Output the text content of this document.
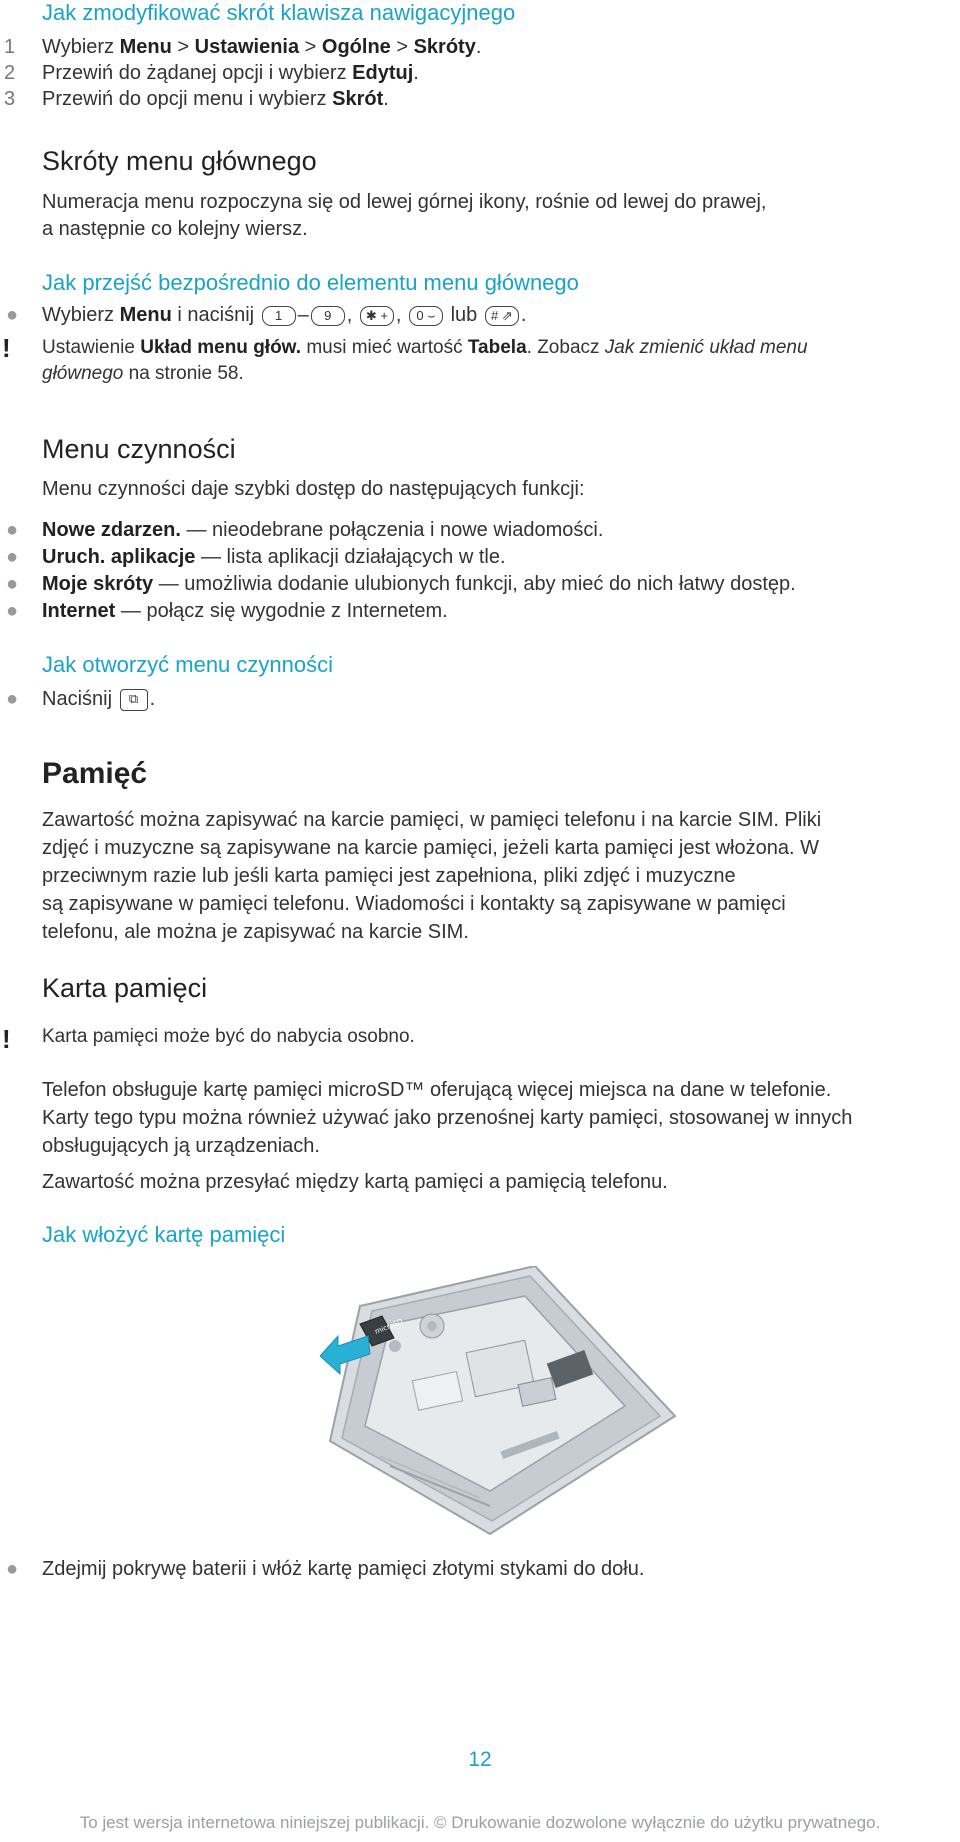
Jak zmodyfikować skrót klawisza nawigacyjnego
1 Wybierz Menu > Ustawienia > Ogólne > Skróty.
2 Przewiń do żądanej opcji i wybierz Edytuj.
3 Przewiń do opcji menu i wybierz Skrót.
Skróty menu głównego
Numeracja menu rozpoczyna się od lewej górnej ikony, rośnie od lewej do prawej,
a następnie co kolejny wiersz.
Jak przejść bezpośrednio do elementu menu głównego
● Wybierz Menu i naciśnij 1 – 9 , ✱ + , 0 ⌣ lub # ⇗ .
! Ustawienie Układ menu głów. musi mieć wartość Tabela. Zobacz Jak zmienić układ menu
głównego na stronie 58.
Menu czynności
Menu czynności daje szybki dostęp do następujących funkcji:
● Nowe zdarzen. — nieodebrane połączenia i nowe wiadomości.
● Uruch. aplikacje — lista aplikacji działających w tle.
● Moje skróty — umożliwia dodanie ulubionych funkcji, aby mieć do nich łatwy dostęp.
● Internet — połącz się wygodnie z Internetem.
Jak otworzyć menu czynności
● Naciśnij ⧉ .
Pamięć
Zawartość można zapisywać na karcie pamięci, w pamięci telefonu i na karcie SIM. Pliki
zdjęć i muzyczne są zapisywane na karcie pamięci, jeżeli karta pamięci jest włożona. W
przeciwnym razie lub jeśli karta pamięci jest zapełniona, pliki zdjęć i muzyczne
są zapisywane w pamięci telefonu. Wiadomości i kontakty są zapisywane w pamięci
telefonu, ale można je zapisywać na karcie SIM.
Karta pamięci
! Karta pamięci może być do nabycia osobno.
Telefon obsługuje kartę pamięci microSD™ oferującą więcej miejsca na dane w telefonie.
Karty tego typu można również używać jako przenośnej karty pamięci, stosowanej w innych
obsługujących ją urządzeniach.
Zawartość można przesyłać między kartą pamięci a pamięcią telefonu.
Jak włożyć kartę pamięci
microSD
● Zdejmij pokrywę baterii i włóż kartę pamięci złotymi stykami do dołu.
12
To jest wersja internetowa niniejszej publikacji. © Drukowanie dozwolone wyłącznie do użytku prywatnego.
